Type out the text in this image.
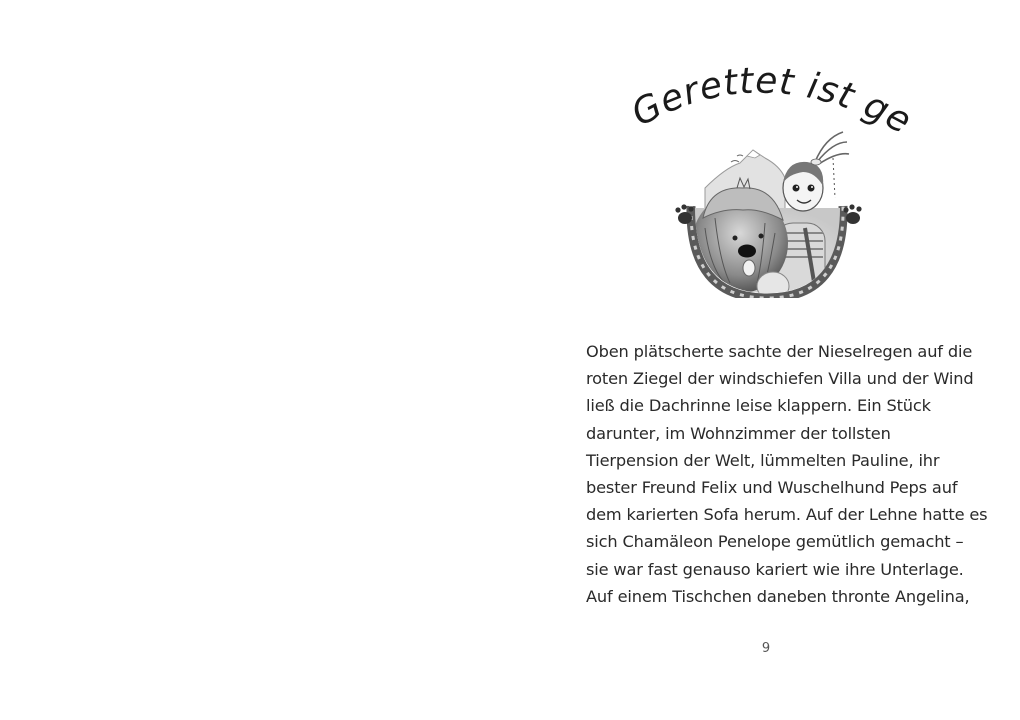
Gerettet ist gerettet
Oben plätscherte sachte der Nieselregen auf die
roten Ziegel der windschiefen Villa und der Wind
ließ die Dachrinne leise klappern. Ein Stück
darunter, im Wohnzimmer der tollsten
Tierpension der Welt, lümmelten Pauline, ihr
bester Freund Felix und Wuschelhund Peps auf
dem karierten Sofa herum. Auf der Lehne hatte es
sich Chamäleon Penelope gemütlich gemacht –
sie war fast genauso kariert wie ihre Unterlage.
Auf einem Tischchen daneben thronte Angelina,
9
